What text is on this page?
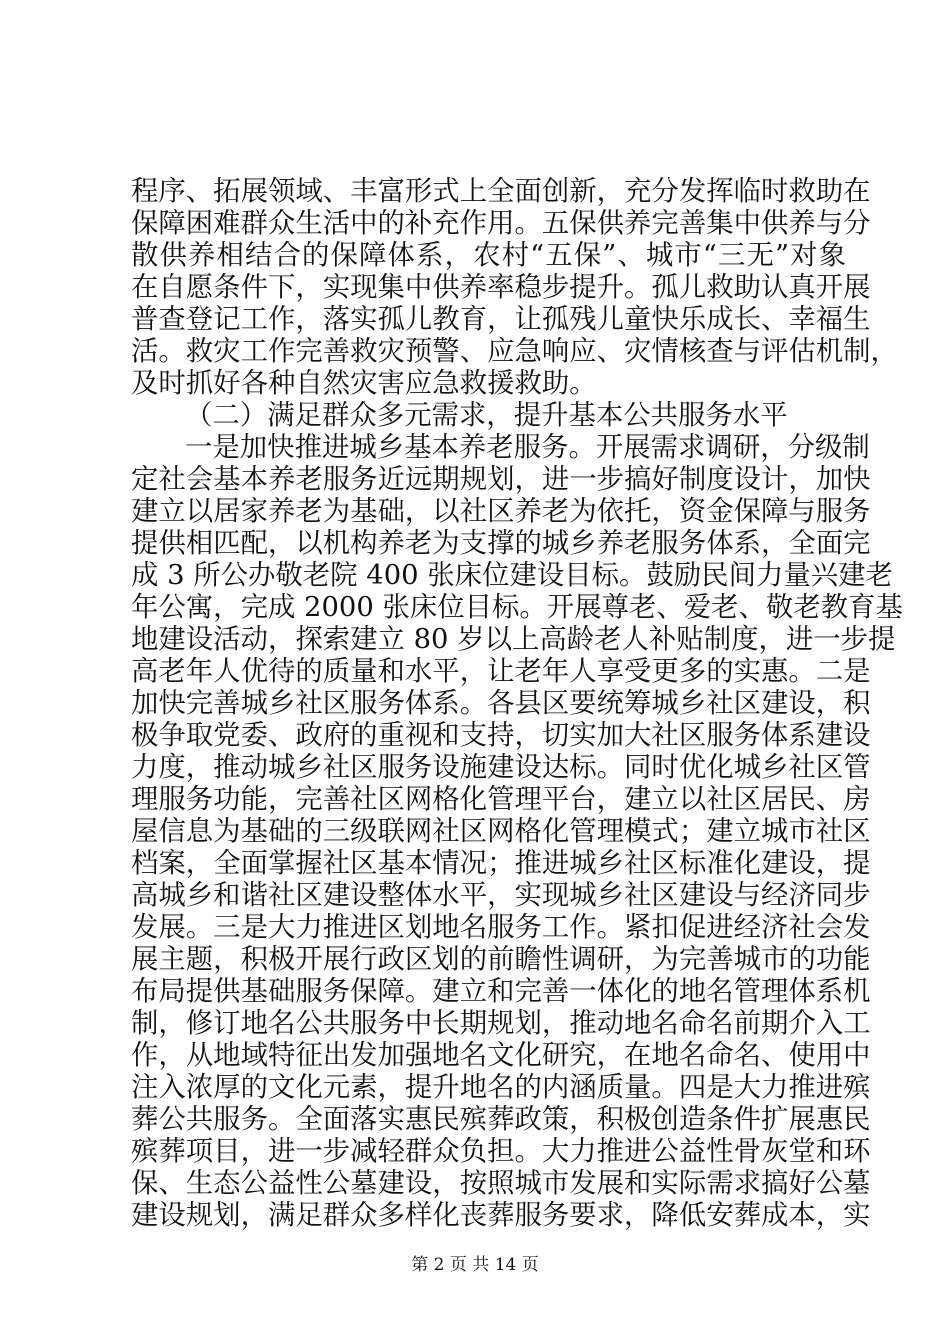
程序、拓展领域、丰富形式上全面创新，充分发挥临时救助在
保障困难群众生活中的补充作用。五保供养完善集中供养与分
散供养相结合的保障体系，农村“五保”、城市“三无”对象
在自愿条件下，实现集中供养率稳步提升。孤儿救助认真开展
普查登记工作，落实孤儿教育，让孤残儿童快乐成长、幸福生
活。救灾工作完善救灾预警、应急响应、灾情核查与评估机制，
及时抓好各种自然灾害应急救援救助。
（二）满足群众多元需求，提升基本公共服务水平
一是加快推进城乡基本养老服务。开展需求调研，分级制
定社会基本养老服务近远期规划，进一步搞好制度设计，加快
建立以居家养老为基础，以社区养老为依托，资金保障与服务
提供相匹配，以机构养老为支撑的城乡养老服务体系，全面完
成 3 所公办敬老院 400 张床位建设目标。鼓励民间力量兴建老
年公寓，完成 2000 张床位目标。开展尊老、爱老、敬老教育基
地建设活动，探索建立 80 岁以上高龄老人补贴制度，进一步提
高老年人优待的质量和水平，让老年人享受更多的实惠。二是
加快完善城乡社区服务体系。各县区要统筹城乡社区建设，积
极争取党委、政府的重视和支持，切实加大社区服务体系建设
力度，推动城乡社区服务设施建设达标。同时优化城乡社区管
理服务功能，完善社区网格化管理平台，建立以社区居民、房
屋信息为基础的三级联网社区网格化管理模式；建立城市社区
档案，全面掌握社区基本情况；推进城乡社区标准化建设，提
高城乡和谐社区建设整体水平，实现城乡社区建设与经济同步
发展。三是大力推进区划地名服务工作。紧扣促进经济社会发
展主题，积极开展行政区划的前瞻性调研，为完善城市的功能
布局提供基础服务保障。建立和完善一体化的地名管理体系机
制，修订地名公共服务中长期规划，推动地名命名前期介入工
作，从地域特征出发加强地名文化研究，在地名命名、使用中
注入浓厚的文化元素，提升地名的内涵质量。四是大力推进殡
葬公共服务。全面落实惠民殡葬政策，积极创造条件扩展惠民
殡葬项目，进一步减轻群众负担。大力推进公益性骨灰堂和环
保、生态公益性公墓建设，按照城市发展和实际需求搞好公墓
建设规划，满足群众多样化丧葬服务要求，降低安葬成本，实
第 2 页 共 14 页
